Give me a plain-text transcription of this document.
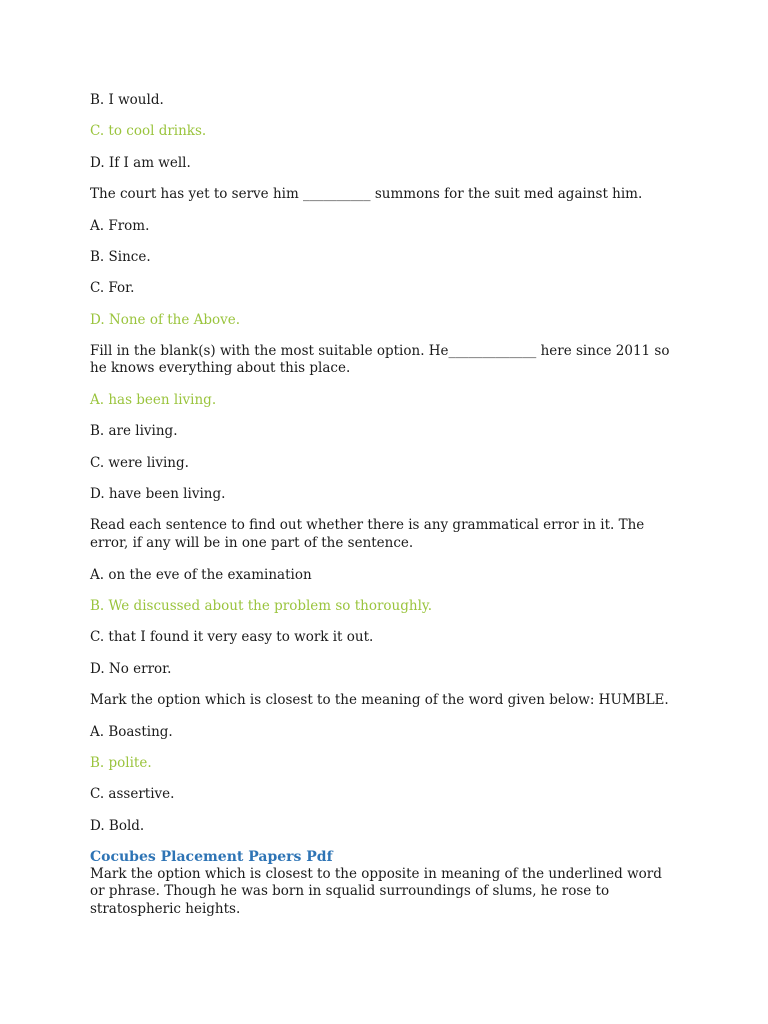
B. I would.

C. to cool drinks.

D. If I am well.

The court has yet to serve him __________ summons for the suit med against him.

A. From.

B. Since.

C. For.

D. None of the Above.

Fill in the blank(s) with the most suitable option. He_____________ here since 2011 so he knows everything about this place.

A. has been living.

B. are living.

C. were living.

D. have been living.

Read each sentence to find out whether there is any grammatical error in it. The error, if any will be in one part of the sentence.

A. on the eve of the examination

B. We discussed about the problem so thoroughly.

C. that I found it very easy to work it out.

D. No error.

Mark the option which is closest to the meaning of the word given below: HUMBLE.

A. Boasting.

B. polite.

C. assertive.

D. Bold.

Cocubes Placement Papers Pdf

Mark the option which is closest to the opposite in meaning of the underlined word or phrase. Though he was born in squalid surroundings of slums, he rose to stratospheric heights.
